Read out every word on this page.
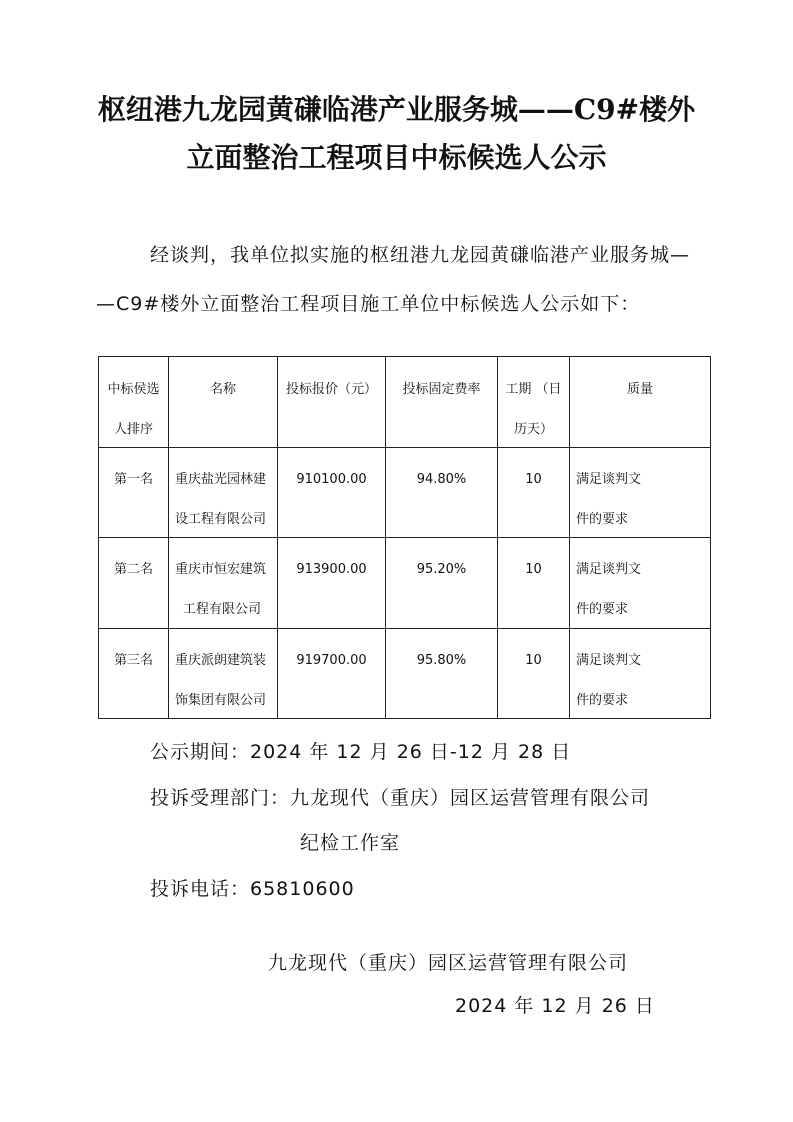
枢纽港九龙园黄磏临港产业服务城——C9#楼外
立面整治工程项目中标候选人公示
经谈判，我单位拟实施的枢纽港九龙园黄磏临港产业服务城—
—C9#楼外立面整治工程项目施工单位中标候选人公示如下：
中标侯选
人排序	名称	投标报价（元）	投标固定费率	工期 （日
历天）	质量

第一名	重庆盐光园林建
设工程有限公司	910100.00	94.80%	10	满足谈判文
件的要求

第二名	重庆市恒宏建筑
工程有限公司	913900.00	95.20%	10	满足谈判文
件的要求

第三名	重庆派朗建筑装
饰集团有限公司	919700.00	95.80%	10	满足谈判文
件的要求
公示期间：2024 年 12 月 26 日-12 月 28 日
投诉受理部门：九龙现代（重庆）园区运营管理有限公司
纪检工作室
投诉电话：65810600
九龙现代（重庆）园区运营管理有限公司
2024 年 12 月 26 日
